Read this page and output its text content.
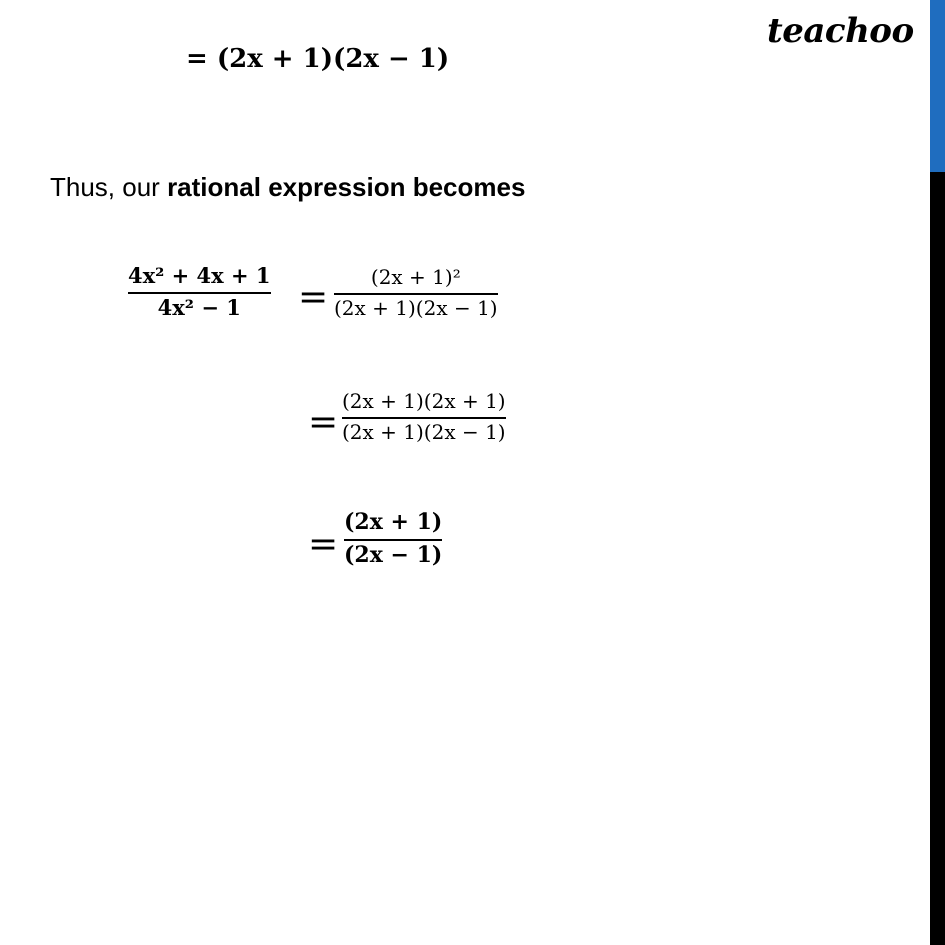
teachoo
= (2x + 1)(2x − 1)
Thus, our rational expression becomes
4x² + 4x + 1
4x² − 1 = (2x + 1)²
(2x + 1)(2x − 1)
=
(2x + 1)(2x + 1)
(2x + 1)(2x − 1)
=
(2x + 1)
(2x − 1)
